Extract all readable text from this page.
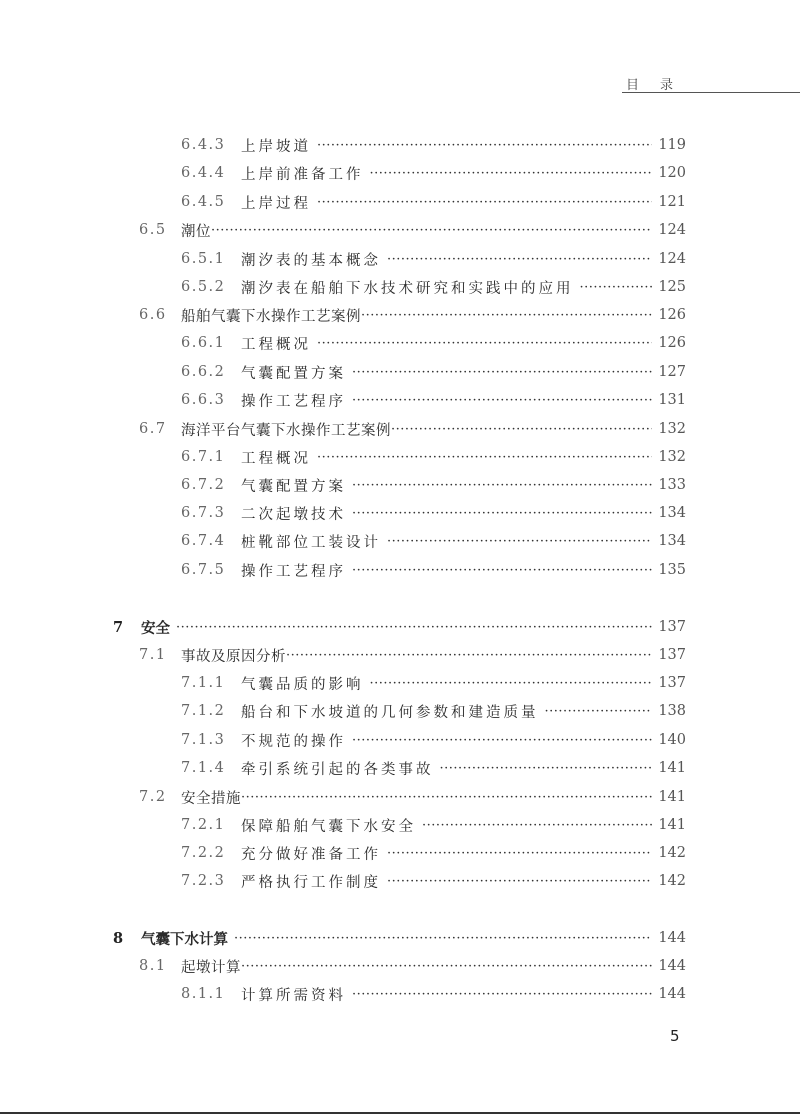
目 录
6.4.3	上岸坡道 ·····	119
6.4.4	上岸前准备工作 ·····	120
6.4.5	上岸过程 ·····	121
6.5 潮位 ·····	124
6.5.1	潮汐表的基本概念 ·····	124
6.5.2	潮汐表在船舶下水技术研究和实践中的应用 ·····	125
6.6 船舶气囊下水操作工艺案例 ·····	126
6.6.1	工程概况 ·····	126
6.6.2	气囊配置方案 ·····	127
6.6.3	操作工艺程序 ·····	131
6.7 海洋平台气囊下水操作工艺案例 ·····	132
6.7.1	工程概况 ·····	132
6.7.2	气囊配置方案 ·····	133
6.7.3	二次起墩技术 ·····	134
6.7.4	桩靴部位工装设计 ·····	134
6.7.5	操作工艺程序 ·····	135
7	安全 ·····	137
7.1 事故及原因分析 ·····	137
7.1.1	气囊品质的影响 ·····	137
7.1.2	船台和下水坡道的几何参数和建造质量 ·····	138
7.1.3	不规范的操作 ·····	140
7.1.4	牵引系统引起的各类事故 ·····	141
7.2 安全措施 ·····	141
7.2.1	保障船舶气囊下水安全 ·····	141
7.2.2	充分做好准备工作 ·····	142
7.2.3	严格执行工作制度 ·····	142
8	气囊下水计算 ·····	144
8.1 起墩计算 ·····	144
8.1.1	计算所需资料 ·····	144
5
